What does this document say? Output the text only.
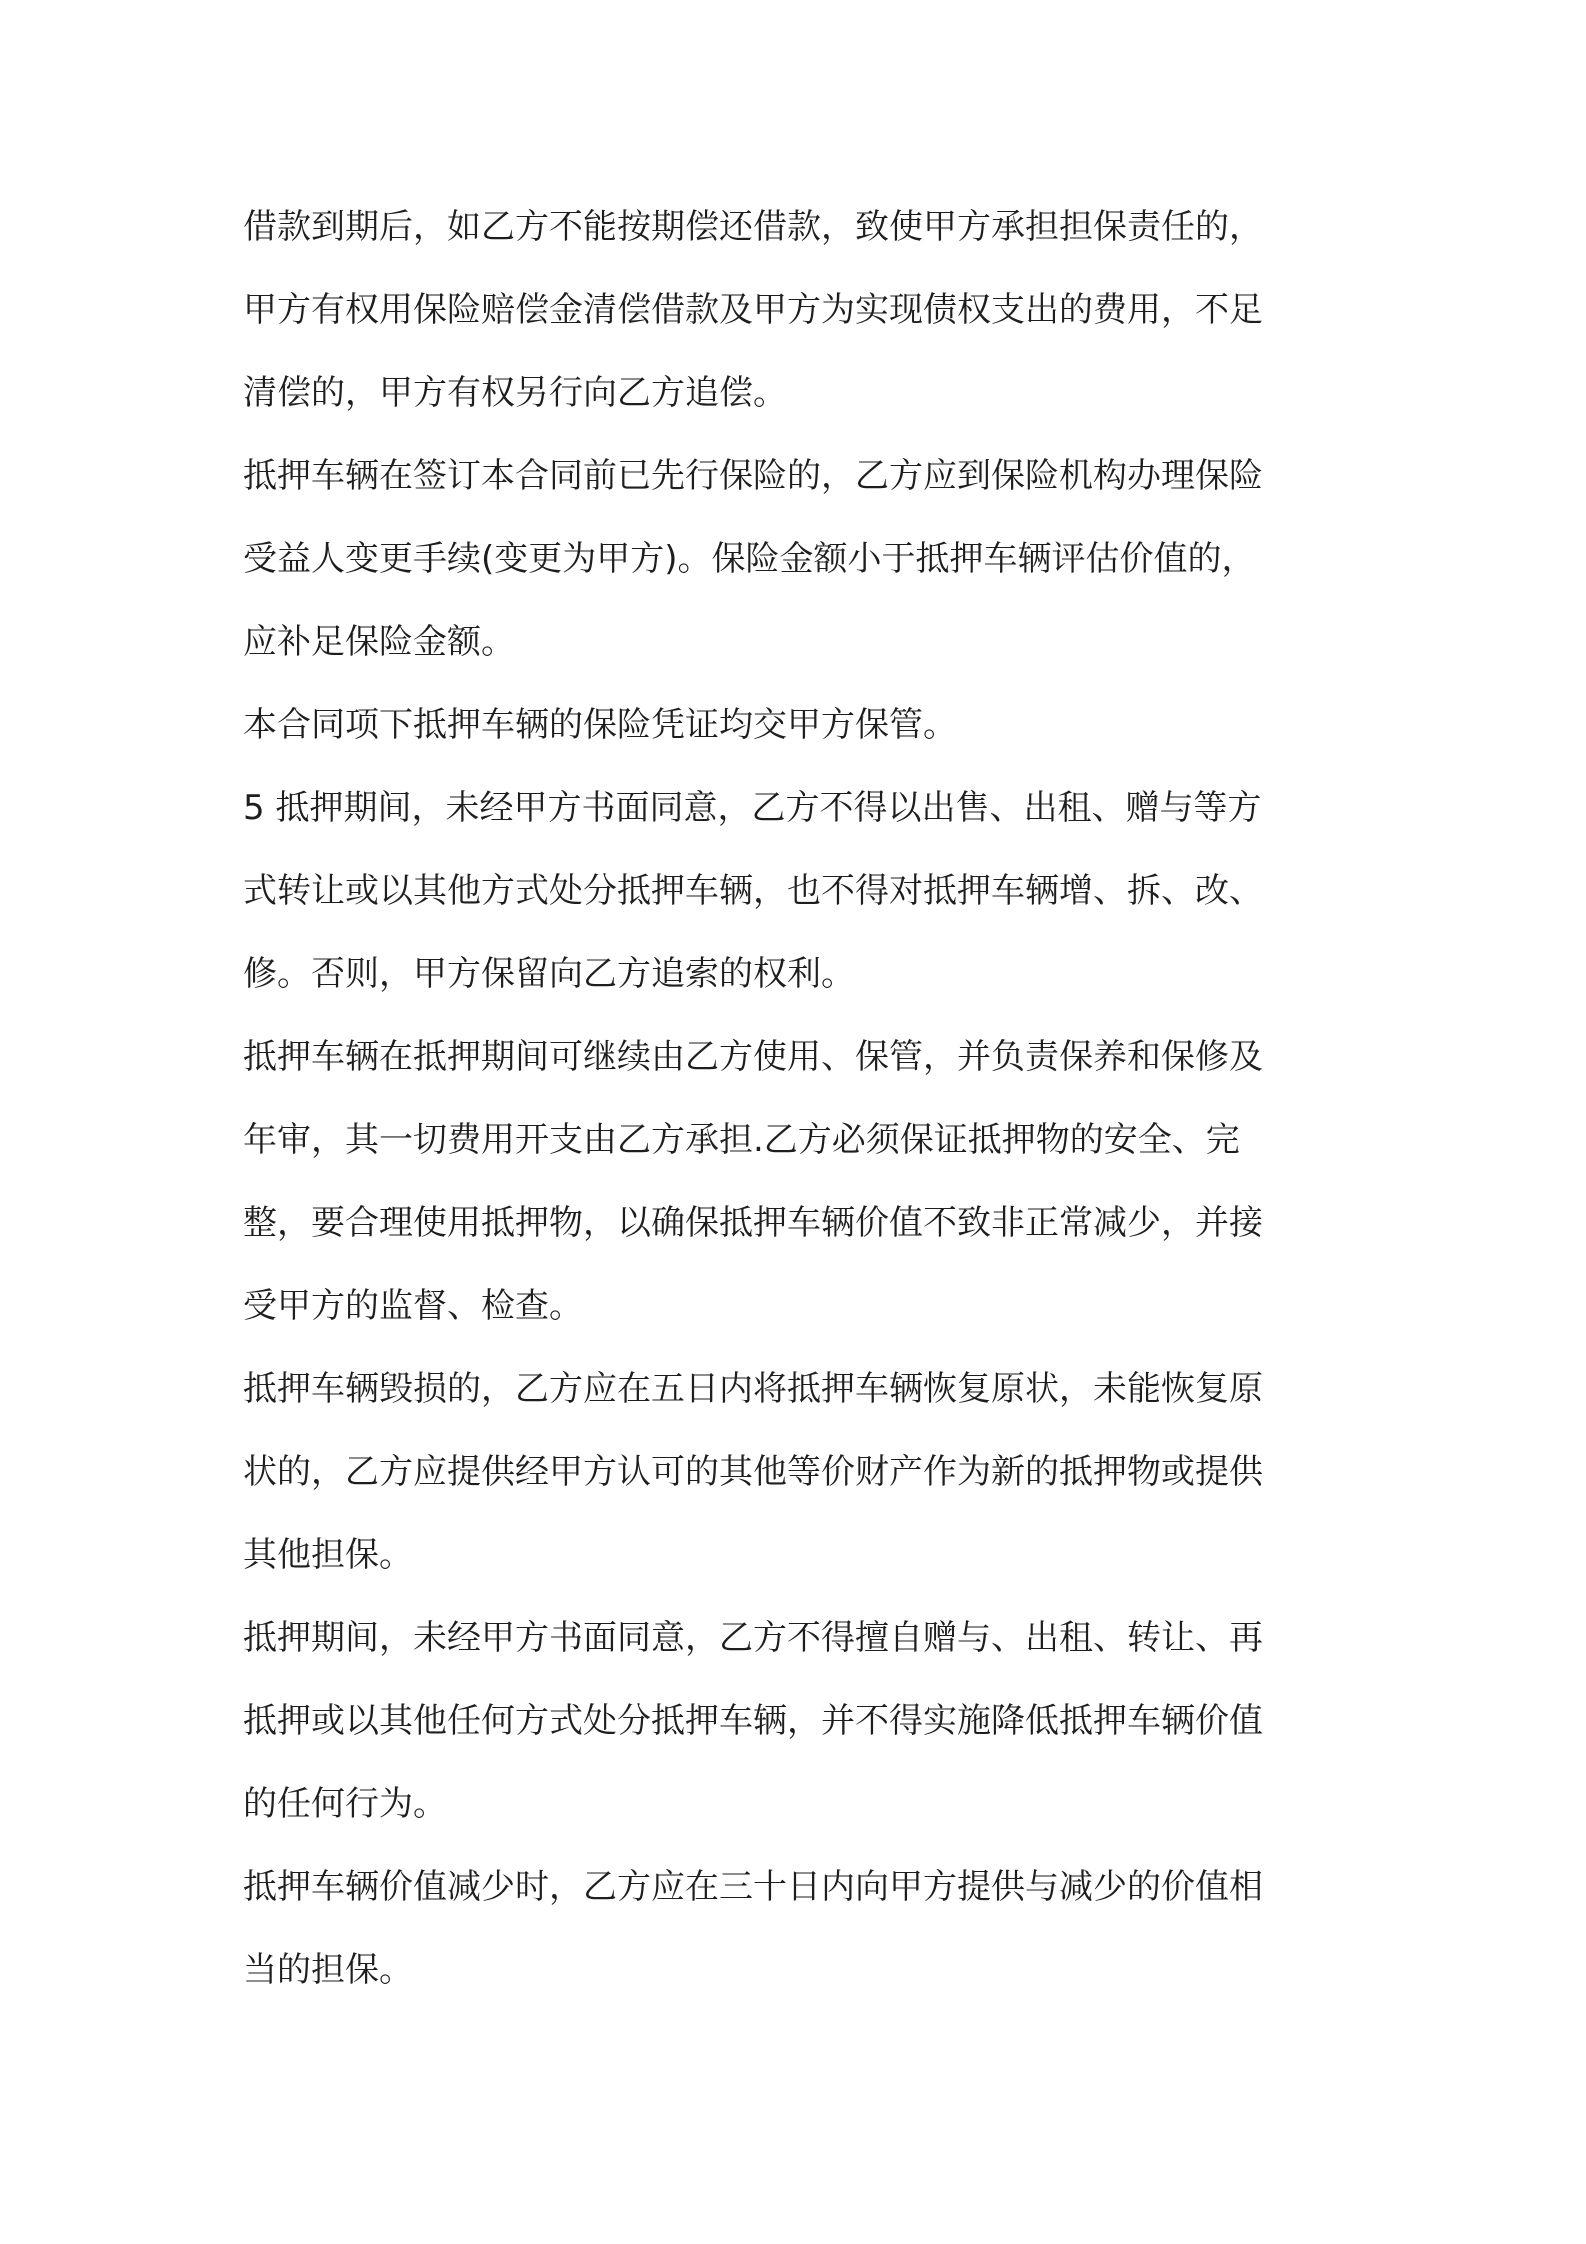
借款到期后，如乙方不能按期偿还借款，致使甲方承担担保责任的，
甲方有权用保险赔偿金清偿借款及甲方为实现债权支出的费用，不足
清偿的，甲方有权另行向乙方追偿。

抵押车辆在签订本合同前已先行保险的，乙方应到保险机构办理保险
受益人变更手续(变更为甲方)。保险金额小于抵押车辆评估价值的，
应补足保险金额。

本合同项下抵押车辆的保险凭证均交甲方保管。

5 抵押期间，未经甲方书面同意，乙方不得以出售、出租、赠与等方
式转让或以其他方式处分抵押车辆，也不得对抵押车辆增、拆、改、
修。否则，甲方保留向乙方追索的权利。

抵押车辆在抵押期间可继续由乙方使用、保管，并负责保养和保修及
年审，其一切费用开支由乙方承担.乙方必须保证抵押物的安全、完
整，要合理使用抵押物，以确保抵押车辆价值不致非正常减少，并接
受甲方的监督、检查。

抵押车辆毁损的，乙方应在五日内将抵押车辆恢复原状，未能恢复原
状的，乙方应提供经甲方认可的其他等价财产作为新的抵押物或提供
其他担保。

抵押期间，未经甲方书面同意，乙方不得擅自赠与、出租、转让、再
抵押或以其他任何方式处分抵押车辆，并不得实施降低抵押车辆价值
的任何行为。

抵押车辆价值减少时，乙方应在三十日内向甲方提供与减少的价值相
当的担保。
